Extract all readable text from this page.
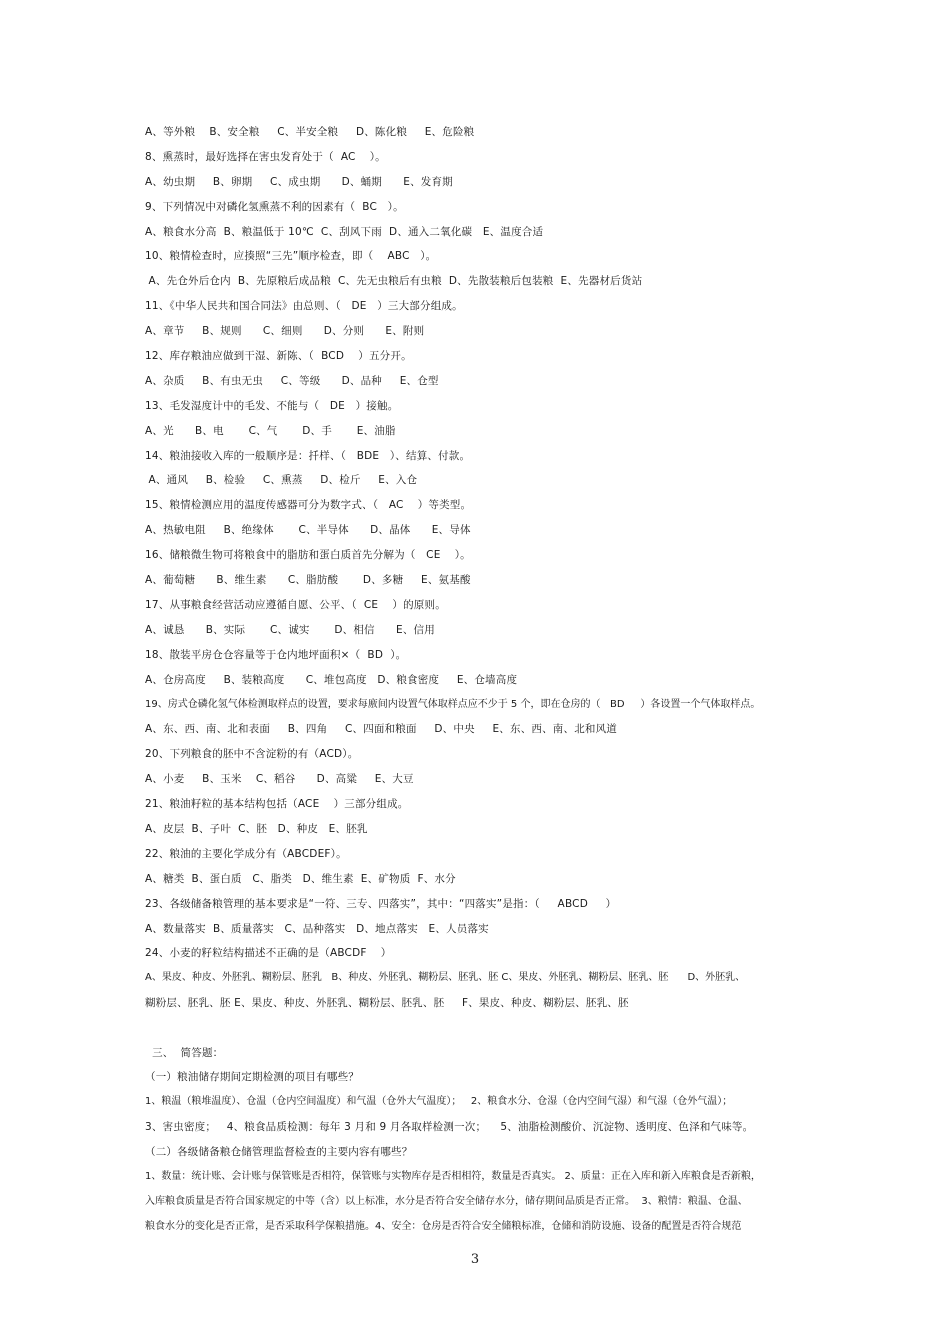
A、等外粮    B、安全粮     C、半安全粮     D、陈化粮     E、危险粮
8、熏蒸时，最好选择在害虫发育处于（  AC    ）。
A、幼虫期     B、卵期     C、成虫期      D、蛹期      E、发育期
9、下列情况中对磷化氢熏蒸不利的因素有（  BC   ）。
A、粮食水分高  B、粮温低于 10℃  C、刮风下雨  D、通入二氧化碳   E、温度合适
10、粮情检查时，应揍照“三先”顺序检查，即（    ABC   ）。
A、先仓外后仓内  B、先原粮后成品粮  C、先无虫粮后有虫粮  D、先散装粮后包装粮  E、先器材后货站
11、《中华人民共和国合同法》由总则、（   DE   ）三大部分组成。
A、章节     B、规则      C、细则      D、分则      E、附则
12、库存粮油应做到干湿、新陈、（  BCD    ）五分开。
A、杂质     B、有虫无虫     C、等级      D、品种     E、仓型
13、毛发湿度计中的毛发、不能与（   DE   ）接触。
A、光      B、电       C、气       D、手       E、油脂
14、粮油接收入库的一般顺序是：扦样、（   BDE   ）、结算、付款。
A、通风     B、检验     C、熏蒸     D、检斤     E、入仓
15、粮情检测应用的温度传感器可分为数字式、（   AC    ）等类型。
A、热敏电阻     B、绝缘体       C、半导体      D、晶体      E、导体
16、储粮微生物可将粮食中的脂肪和蛋白质首先分解为（   CE    ）。
A、葡萄糖      B、维生素      C、脂肪酸       D、多糖     E、氨基酸
17、从事粮食经营活动应遵循自愿、公平、（  CE    ）的原则。
A、诚恳      B、实际       C、诚实       D、相信      E、信用
18、散装平房仓仓容量等于仓内地坪面积×（  BD  ）。
A、仓房高度     B、装粮高度      C、堆包高度   D、粮食密度     E、仓墙高度
19、房式仓磷化氢气体检测取样点的设置，要求每廒间内设置气体取样点应不少于 5 个，即在仓房的（   BD     ）各设置一个气体取样点。
A、东、西、南、北和表面     B、四角     C、四面和粮面     D、中央     E、东、西、南、北和风道
20、下列粮食的胚中不含淀粉的有（ACD）。
A、小麦     B、玉米    C、稻谷      D、高粱     E、大豆
21、粮油籽粒的基本结构包括（ACE    ）三部分组成。
A、皮层  B、子叶  C、胚   D、种皮   E、胚乳
22、粮油的主要化学成分有（ABCDEF）。
A、糖类  B、蛋白质   C、脂类   D、维生素  E、矿物质  F、水分
23、各级储备粮管理的基本要求是“一符、三专、四落实”，其中：“四落实”是指：（     ABCD     ）
A、数量落实  B、质量落实   C、品种落实   D、地点落实   E、人员落实
24、小麦的籽粒结构描述不正确的是（ABCDF    ）
A、果皮、种皮、外胚乳、糊粉层、胚乳   B、种皮、外胚乳、糊粉层、胚乳、胚 C、果皮、外胚乳、糊粉层、胚乳、胚      D、外胚乳、
糊粉层、胚乳、胚 E、果皮、种皮、外胚乳、糊粉层、胚乳、胚     F、果皮、种皮、糊粉层、胚乳、胚
三、  简答题：
（一）粮油储存期间定期检测的项目有哪些？
1、粮温（粮堆温度）、仓温（仓内空间温度）和气温（仓外大气温度）；   2、粮食水分、仓湿（仓内空间气湿）和气湿（仓外气温）；
3、害虫密度；   4、粮食品质检测：每年 3 月和 9 月各取样检测一次；    5、油脂检测酸价、沉淀物、透明度、色泽和气味等。
（二）各级储备粮仓储管理监督检查的主要内容有哪些？
1、数量：统计账、会计账与保管账是否相符，保管账与实物库存是否相相符，数量是否真实。 2、质量：正在入库和新入库粮食是否新粮，
入库粮食质量是否符合国家规定的中等（含）以上标准，水分是否符合安全储存水分，储存期间品质是否正常。  3、粮情：粮温、仓温、
粮食水分的变化是否正常，是否采取科学保粮措施。4、安全：仓房是否符合安全储粮标准，仓储和消防设施、设备的配置是否符合规范
3
